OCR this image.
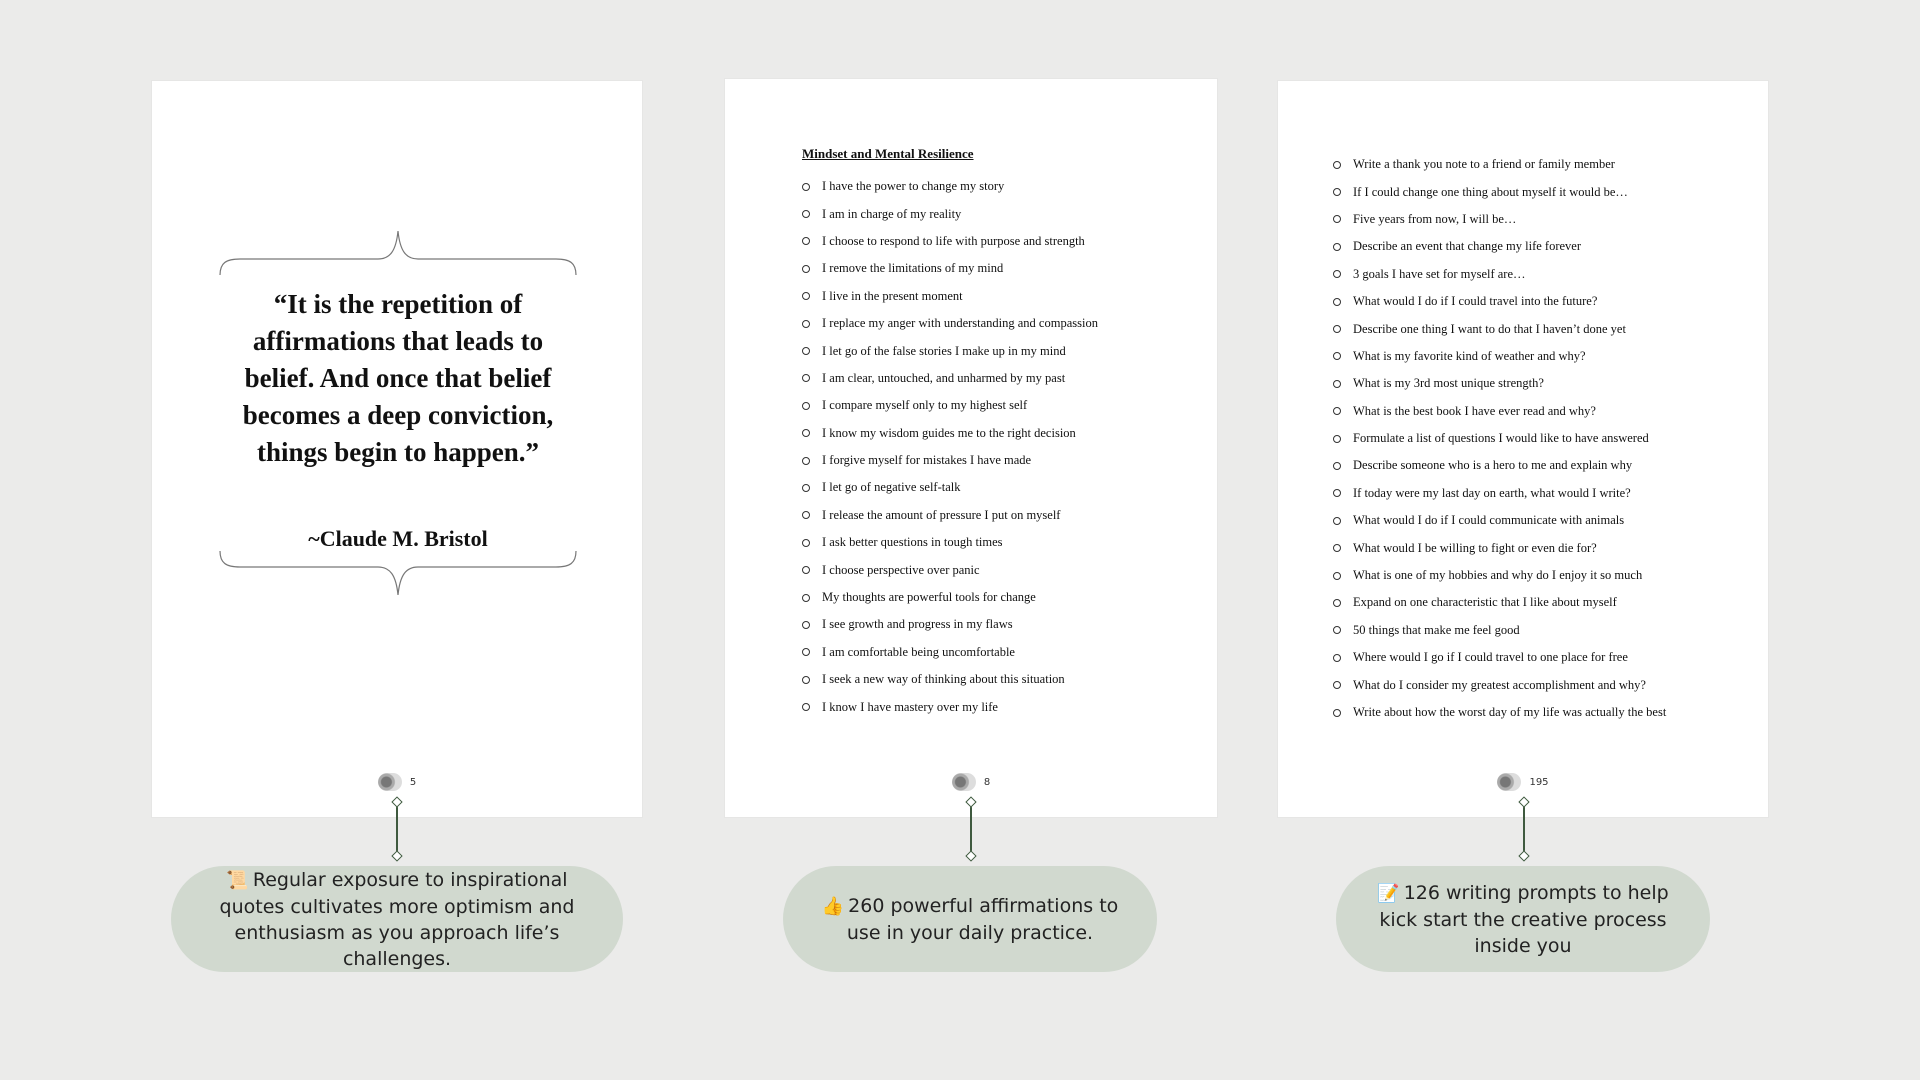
“It is the repetition of affirmations that leads to belief. And once that belief becomes a deep conviction, things begin to happen.”
~Claude M. Bristol
5
Mindset and Mental Resilience
I have the power to change my story
I am in charge of my reality
I choose to respond to life with purpose and strength
I remove the limitations of my mind
I live in the present moment
I replace my anger with understanding and compassion
I let go of the false stories I make up in my mind
I am clear, untouched, and unharmed by my past
I compare myself only to my highest self
I know my wisdom guides me to the right decision
I forgive myself for mistakes I have made
I let go of negative self-talk
I release the amount of pressure I put on myself
I ask better questions in tough times
I choose perspective over panic
My thoughts are powerful tools for change
I see growth and progress in my flaws
I am comfortable being uncomfortable
I seek a new way of thinking about this situation
I know I have mastery over my life
8
Write a thank you note to a friend or family member
If I could change one thing about myself it would be…
Five years from now, I will be…
Describe an event that change my life forever
3 goals I have set for myself are…
What would I do if I could travel into the future?
Describe one thing I want to do that I haven’t done yet
What is my favorite kind of weather and why?
What is my 3rd most unique strength?
What is the best book I have ever read and why?
Formulate a list of questions I would like to have answered
Describe someone who is a hero to me and explain why
If today were my last day on earth, what would I write?
What would I do if I could communicate with animals
What would I be willing to fight or even die for?
What is one of my hobbies and why do I enjoy it so much
Expand on one characteristic that I like about myself
50 things that make me feel good
Where would I go if I could travel to one place for free
What do I consider my greatest accomplishment and why?
Write about how the worst day of my life was actually the best
195
📜 Regular exposure to inspirational quotes cultivates more optimism and enthusiasm as you approach life’s challenges.
👍 260 powerful affirmations to use in your daily practice.
📝 126 writing prompts to help kick start the creative process inside you
